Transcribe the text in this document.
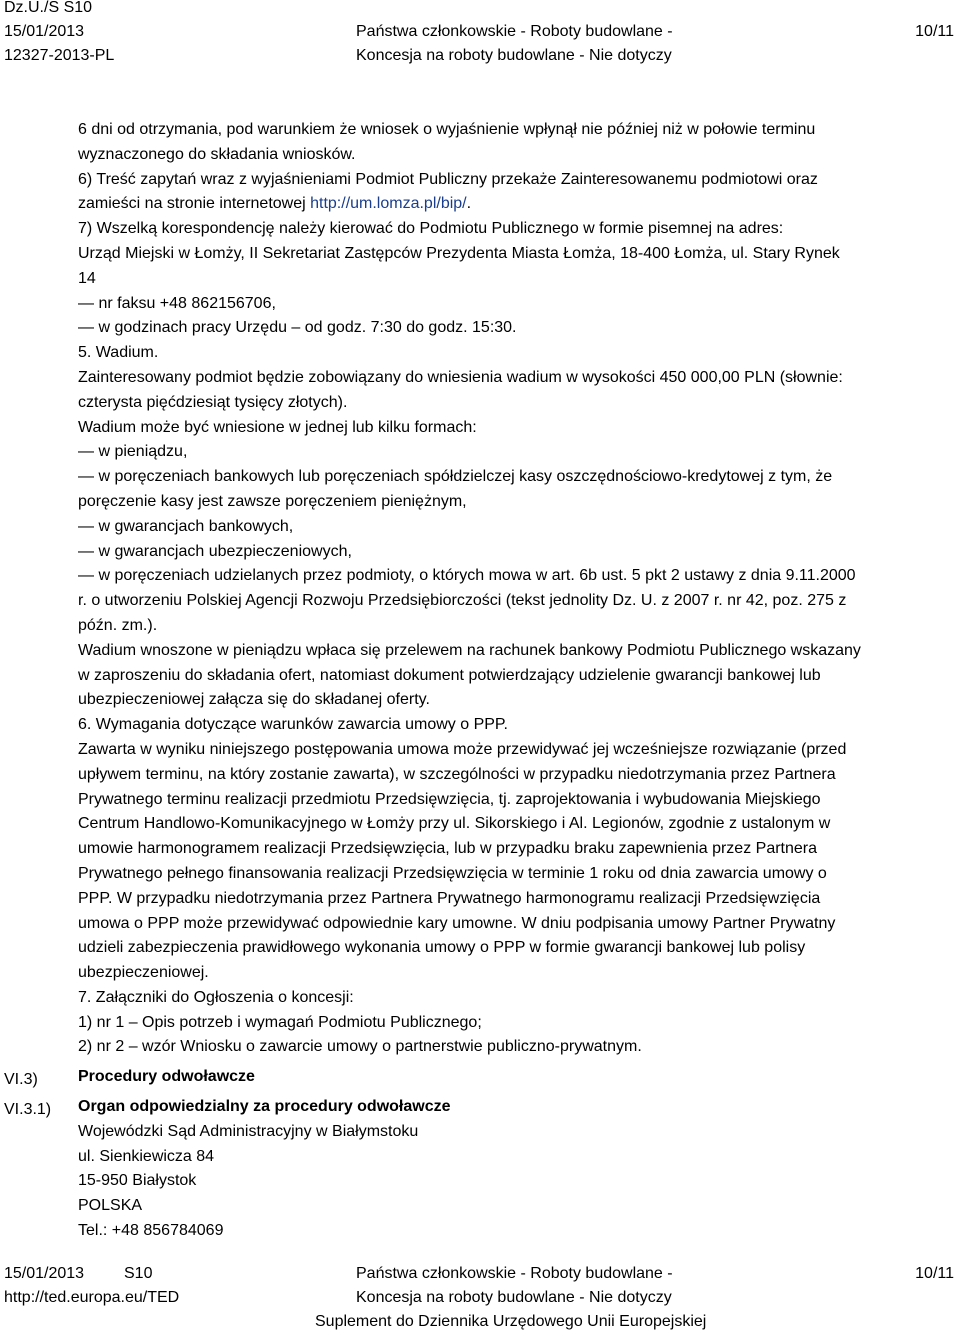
Dz.U./S S10
15/01/2013
12327-2013-PL
Państwa członkowskie - Roboty budowlane -
Koncesja na roboty budowlane - Nie dotyczy
10/11
VI.3)
VI.3.1)
6 dni od otrzymania, pod warunkiem że wniosek o wyjaśnienie wpłynął nie później niż w połowie terminu
wyznaczonego do składania wniosków.
6) Treść zapytań wraz z wyjaśnieniami Podmiot Publiczny przekaże Zainteresowanemu podmiotowi oraz
zamieści na stronie internetowej http://um.lomza.pl/bip/.
7) Wszelką korespondencję należy kierować do Podmiotu Publicznego w formie pisemnej na adres:
Urząd Miejski w Łomży, II Sekretariat Zastępców Prezydenta Miasta Łomża, 18-400 Łomża, ul. Stary Rynek
14
— nr faksu +48 862156706,
— w godzinach pracy Urzędu – od godz. 7:30 do godz. 15:30.
5. Wadium.
Zainteresowany podmiot będzie zobowiązany do wniesienia wadium w wysokości 450 000,00 PLN (słownie:
czterysta pięćdziesiąt tysięcy złotych).
Wadium może być wniesione w jednej lub kilku formach:
— w pieniądzu,
— w poręczeniach bankowych lub poręczeniach spółdzielczej kasy oszczędnościowo-kredytowej z tym, że
poręczenie kasy jest zawsze poręczeniem pieniężnym,
— w gwarancjach bankowych,
— w gwarancjach ubezpieczeniowych,
— w poręczeniach udzielanych przez podmioty, o których mowa w art. 6b ust. 5 pkt 2 ustawy z dnia 9.11.2000
r. o utworzeniu Polskiej Agencji Rozwoju Przedsiębiorczości (tekst jednolity Dz. U. z 2007 r. nr 42, poz. 275 z
późn. zm.).
Wadium wnoszone w pieniądzu wpłaca się przelewem na rachunek bankowy Podmiotu Publicznego wskazany
w zaproszeniu do składania ofert, natomiast dokument potwierdzający udzielenie gwarancji bankowej lub
ubezpieczeniowej załącza się do składanej oferty.
6. Wymagania dotyczące warunków zawarcia umowy o PPP.
Zawarta w wyniku niniejszego postępowania umowa może przewidywać jej wcześniejsze rozwiązanie (przed
upływem terminu, na który zostanie zawarta), w szczególności w przypadku niedotrzymania przez Partnera
Prywatnego terminu realizacji przedmiotu Przedsięwzięcia, tj. zaprojektowania i wybudowania Miejskiego
Centrum Handlowo-Komunikacyjnego w Łomży przy ul. Sikorskiego i Al. Legionów, zgodnie z ustalonym w
umowie harmonogramem realizacji Przedsięwzięcia, lub w przypadku braku zapewnienia przez Partnera
Prywatnego pełnego finansowania realizacji Przedsięwzięcia w terminie 1 roku od dnia zawarcia umowy o
PPP. W przypadku niedotrzymania przez Partnera Prywatnego harmonogramu realizacji Przedsięwzięcia
umowa o PPP może przewidywać odpowiednie kary umowne. W dniu podpisania umowy Partner Prywatny
udzieli zabezpieczenia prawidłowego wykonania umowy o PPP w formie gwarancji bankowej lub polisy
ubezpieczeniowej.
7. Załączniki do Ogłoszenia o koncesji:
1) nr 1 – Opis potrzeb i wymagań Podmiotu Publicznego;
2) nr 2 – wzór Wniosku o zawarcie umowy o partnerstwie publiczno-prywatnym.
Procedury odwoławcze
Organ odpowiedzialny za procedury odwoławcze
Wojewódzki Sąd Administracyjny w Białymstoku
ul. Sienkiewicza 84
15-950 Białystok
POLSKA
Tel.: +48 856784069
15/01/2013 S10
http://ted.europa.eu/TED
Państwa członkowskie - Roboty budowlane -
Koncesja na roboty budowlane - Nie dotyczy
Suplement do Dziennika Urzędowego Unii Europejskiej
10/11
